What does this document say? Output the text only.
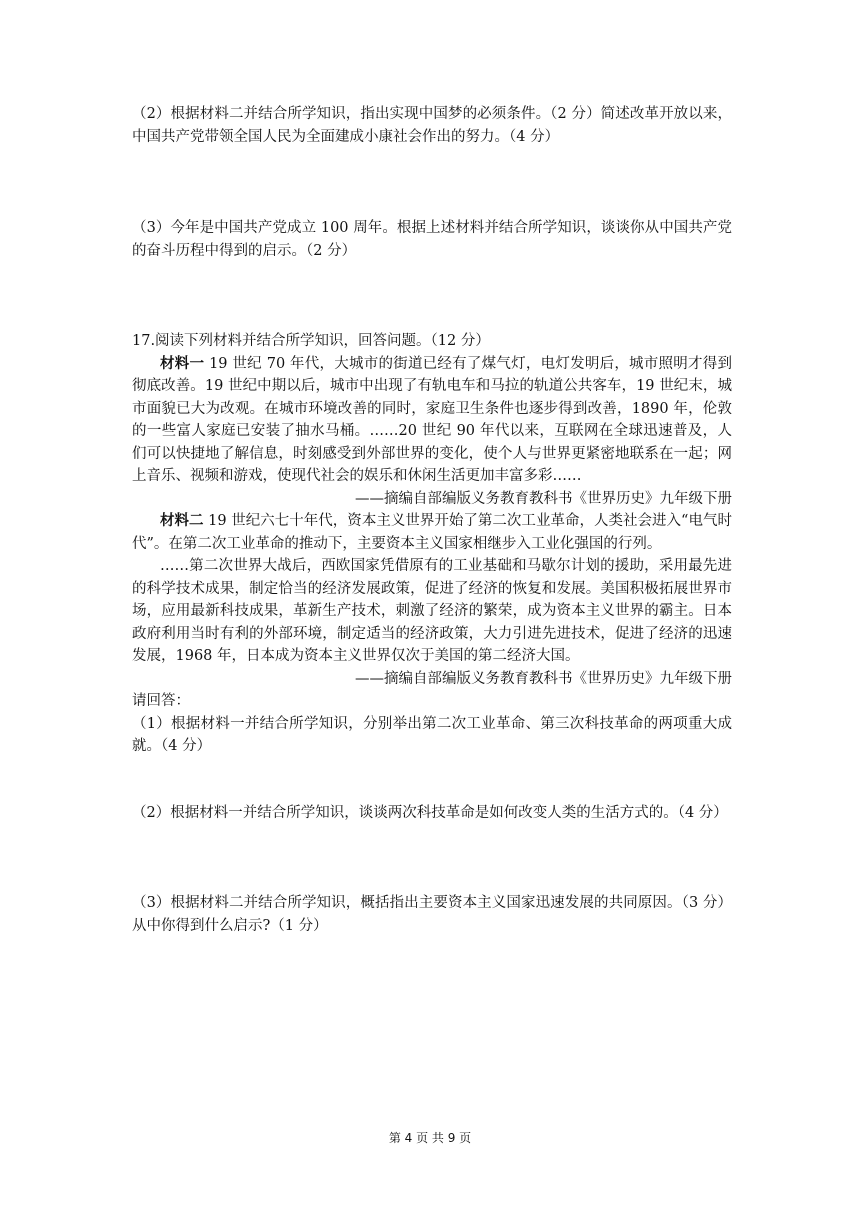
（2）根据材料二并结合所学知识，指出实现中国梦的必须条件。（2 分）简述改革开放以来，中国共产党带领全国人民为全面建成小康社会作出的努力。（4 分）

（3）今年是中国共产党成立 100 周年。根据上述材料并结合所学知识，谈谈你从中国共产党的奋斗历程中得到的启示。（2 分）

17.阅读下列材料并结合所学知识，回答问题。（12 分）

材料一 19 世纪 70 年代，大城市的街道已经有了煤气灯，电灯发明后，城市照明才得到彻底改善。19 世纪中期以后，城市中出现了有轨电车和马拉的轨道公共客车，19 世纪末，城市面貌已大为改观。在城市环境改善的同时，家庭卫生条件也逐步得到改善，1890 年，伦敦的一些富人家庭已安装了抽水马桶。……20 世纪 90 年代以来，互联网在全球迅速普及，人们可以快捷地了解信息，时刻感受到外部世界的变化，使个人与世界更紧密地联系在一起；网上音乐、视频和游戏，使现代社会的娱乐和休闲生活更加丰富多彩……

——摘编自部编版义务教育教科书《世界历史》九年级下册

材料二 19 世纪六七十年代，资本主义世界开始了第二次工业革命，人类社会进入“电气时代”。在第二次工业革命的推动下，主要资本主义国家相继步入工业化强国的行列。

……第二次世界大战后，西欧国家凭借原有的工业基础和马歇尔计划的援助，采用最先进的科学技术成果，制定恰当的经济发展政策，促进了经济的恢复和发展。美国积极拓展世界市场，应用最新科技成果，革新生产技术，刺激了经济的繁荣，成为资本主义世界的霸主。日本政府利用当时有利的外部环境，制定适当的经济政策，大力引进先进技术，促进了经济的迅速发展，1968 年，日本成为资本主义世界仅次于美国的第二经济大国。

——摘编自部编版义务教育教科书《世界历史》九年级下册

请回答：

（1）根据材料一并结合所学知识，分别举出第二次工业革命、第三次科技革命的两项重大成就。（4 分）

（2）根据材料一并结合所学知识，谈谈两次科技革命是如何改变人类的生活方式的。（4 分）

（3）根据材料二并结合所学知识，概括指出主要资本主义国家迅速发展的共同原因。（3 分）从中你得到什么启示?（1 分）

第 4 页 共 9 页
